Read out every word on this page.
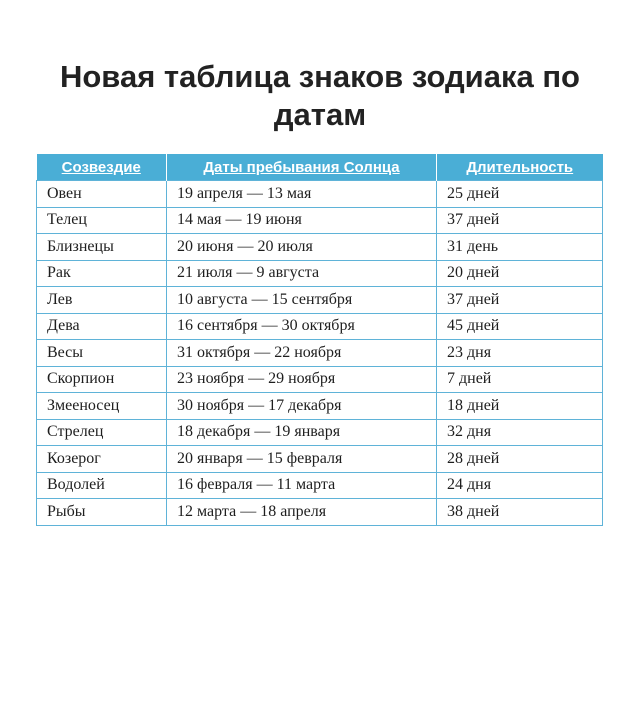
Новая таблица знаков зодиака по
датам
Созвездие	Даты пребывания Солнца	Длительность
Овен	19 апреля — 13 мая	25 дней
Телец	14 мая — 19 июня	37 дней
Близнецы	20 июня — 20 июля	31 день
Рак	21 июля — 9 августа	20 дней
Лев	10 августа — 15 сентября	37 дней
Дева	16 сентября — 30 октября	45 дней
Весы	31 октября — 22 ноября	23 дня
Скорпион	23 ноября — 29 ноября	7 дней
Змееносец	30 ноября — 17 декабря	18 дней
Стрелец	18 декабря — 19 января	32 дня
Козерог	20 января — 15 февраля	28 дней
Водолей	16 февраля — 11 марта	24 дня
Рыбы	12 марта — 18 апреля	38 дней
